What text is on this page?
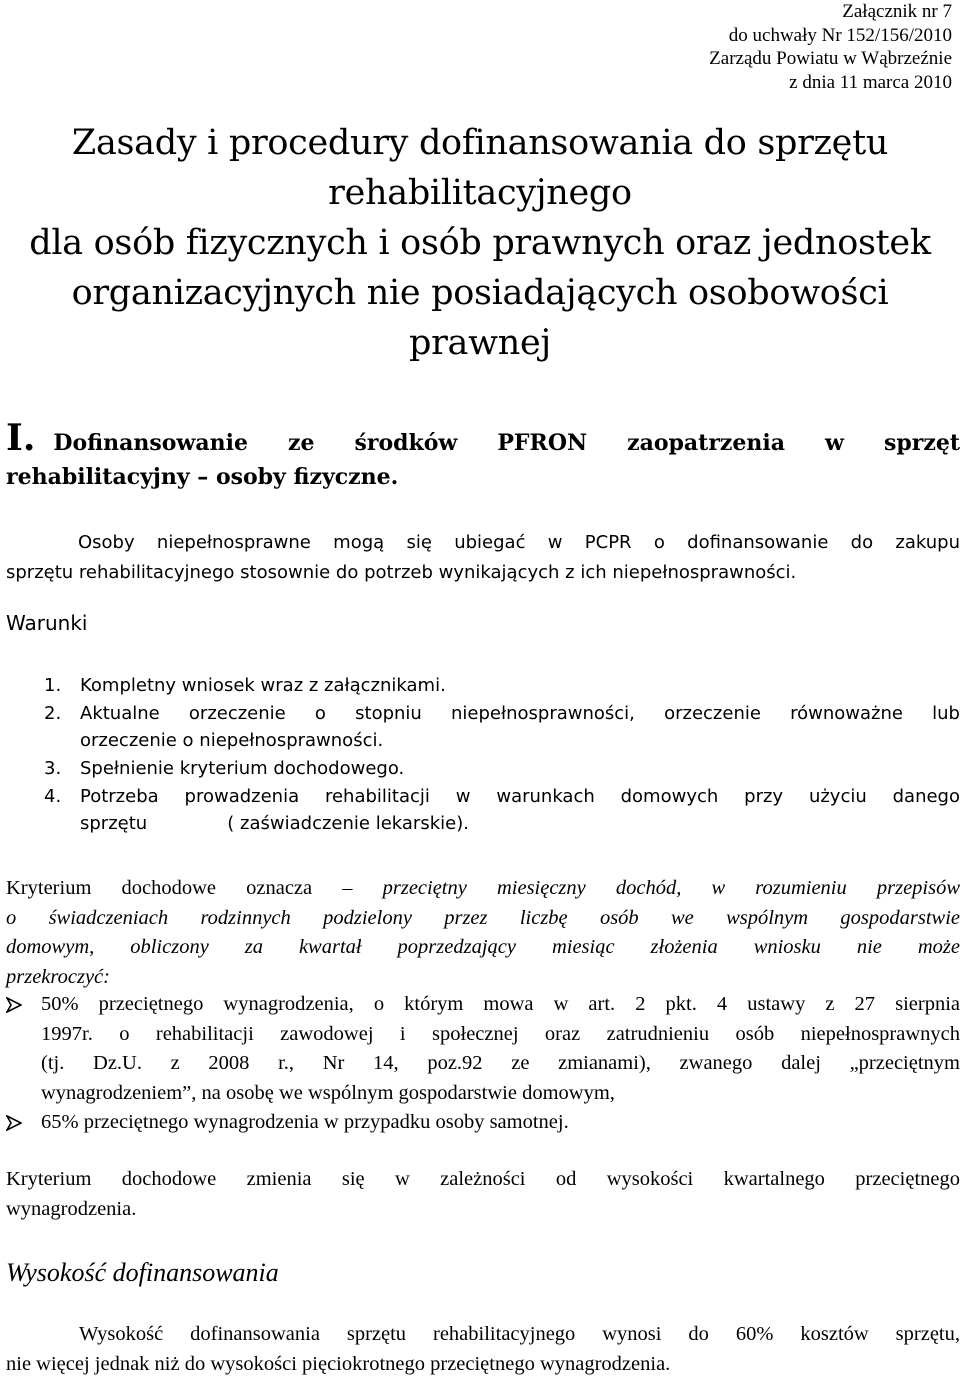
Załącznik nr 7
do uchwały Nr 152/156/2010
Zarządu Powiatu w Wąbrzeźnie
z dnia 11 marca 2010
Zasady i procedury dofinansowania do sprzętu
rehabilitacyjnego
dla osób fizycznych i osób prawnych oraz jednostek
organizacyjnych nie posiadających osobowości
prawnej
I. Dofinansowanie ze środków PFRON zaopatrzenia w sprzęt
rehabilitacyjny – osoby fizyczne.

Osoby niepełnosprawne mogą się ubiegać w PCPR o dofinansowanie do zakupu
sprzętu rehabilitacyjnego stosownie do potrzeb wynikających z ich niepełnosprawności.

Warunki

1. Kompletny wniosek wraz z załącznikami.
2. Aktualne orzeczenie o stopniu niepełnosprawności, orzeczenie równoważne lub
orzeczenie o niepełnosprawności.
3. Spełnienie kryterium dochodowego.
4. Potrzeba prowadzenia rehabilitacji w warunkach domowych przy użyciu danego
sprzętu              ( zaświadczenie lekarskie).

Kryterium dochodowe oznacza – przeciętny miesięczny dochód, w rozumieniu przepisów
o świadczeniach rodzinnych podzielony przez liczbę osób we wspólnym gospodarstwie
domowym, obliczony za kwartał poprzedzający miesiąc złożenia wniosku nie może
przekroczyć:

50% przeciętnego wynagrodzenia, o którym mowa w art. 2 pkt. 4 ustawy z 27 sierpnia
1997r. o rehabilitacji zawodowej i społecznej oraz zatrudnieniu osób niepełnosprawnych
(tj. Dz.U. z 2008 r., Nr 14, poz.92 ze zmianami), zwanego dalej „przeciętnym
wynagrodzeniem”, na osobę we wspólnym gospodarstwie domowym,
65% przeciętnego wynagrodzenia w przypadku osoby samotnej.

Kryterium dochodowe zmienia się w zależności od wysokości kwartalnego przeciętnego
wynagrodzenia.

Wysokość dofinansowania

Wysokość dofinansowania sprzętu rehabilitacyjnego wynosi do 60% kosztów sprzętu,
nie więcej jednak niż do wysokości pięciokrotnego przeciętnego wynagrodzenia.
